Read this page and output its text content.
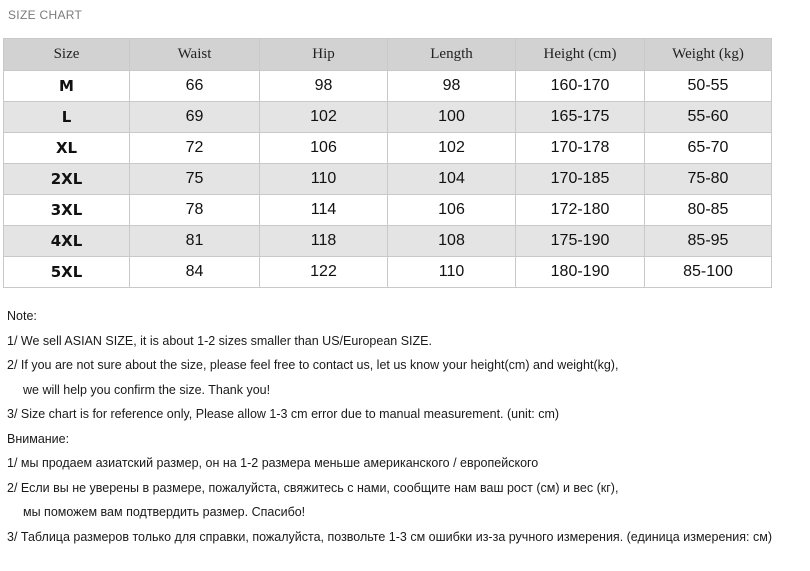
SIZE CHART
Size	Waist	Hip	Length	Height (cm)	Weight (kg)
M	66	98	98	160-170	50-55
L	69	102	100	165-175	55-60
XL	72	106	102	170-178	65-70
2XL	75	110	104	170-185	75-80
3XL	78	114	106	172-180	80-85
4XL	81	118	108	175-190	85-95
5XL	84	122	110	180-190	85-100
Note:
1/ We sell ASIAN SIZE, it is about 1-2 sizes smaller than US/European SIZE.
2/ If you are not sure about the size, please feel free to contact us, let us know your height(cm) and weight(kg),
we will help you confirm the size. Thank you!
3/ Size chart is for reference only, Please allow 1-3 cm error due to manual measurement. (unit: cm)
Внимание:
1/ мы продаем азиатский размер, он на 1-2 размера меньше американского / европейского
2/ Если вы не уверены в размере, пожалуйста, свяжитесь с нами, сообщите нам ваш рост (см) и вес (кг),
мы поможем вам подтвердить размер. Спасибо!
3/ Таблица размеров только для справки, пожалуйста, позвольте 1-3 см ошибки из-за ручного измерения. (единица измерения: см)
